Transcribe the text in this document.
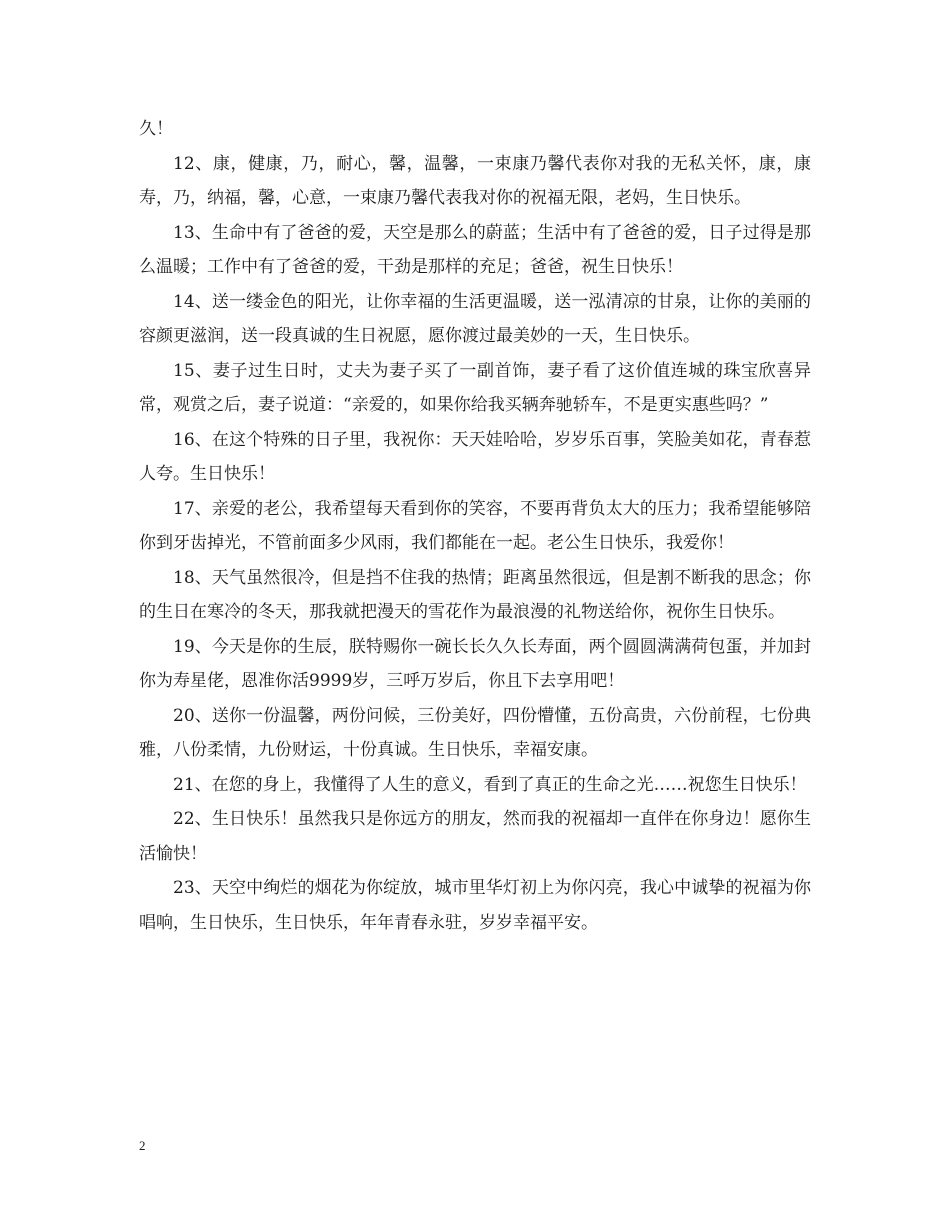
久！

12、康，健康，乃，耐心，馨，温馨，一束康乃馨代表你对我的无私关怀，康，康寿，乃，纳福，馨，心意，一束康乃馨代表我对你的祝福无限，老妈，生日快乐。

13、生命中有了爸爸的爱，天空是那么的蔚蓝；生活中有了爸爸的爱，日子过得是那么温暖；工作中有了爸爸的爱，干劲是那样的充足；爸爸，祝生日快乐！

14、送一缕金色的阳光，让你幸福的生活更温暖，送一泓清凉的甘泉，让你的美丽的容颜更滋润，送一段真诚的生日祝愿，愿你渡过最美妙的一天，生日快乐。

15、妻子过生日时，丈夫为妻子买了一副首饰，妻子看了这价值连城的珠宝欣喜异常，观赏之后，妻子说道：“亲爱的，如果你给我买辆奔驰轿车，不是更实惠些吗？”

16、在这个特殊的日子里，我祝你：天天娃哈哈，岁岁乐百事，笑脸美如花，青春惹人夸。生日快乐！

17、亲爱的老公，我希望每天看到你的笑容，不要再背负太大的压力；我希望能够陪你到牙齿掉光，不管前面多少风雨，我们都能在一起。老公生日快乐，我爱你！

18、天气虽然很冷，但是挡不住我的热情；距离虽然很远，但是割不断我的思念；你的生日在寒冷的冬天，那我就把漫天的雪花作为最浪漫的礼物送给你，祝你生日快乐。

19、今天是你的生辰，朕特赐你一碗长长久久长寿面，两个圆圆满满荷包蛋，并加封你为寿星佬，恩准你活9999岁，三呼万岁后，你且下去享用吧！

20、送你一份温馨，两份问候，三份美好，四份懵懂，五份高贵，六份前程，七份典雅，八份柔情，九份财运，十份真诚。生日快乐，幸福安康。

21、在您的身上，我懂得了人生的意义，看到了真正的生命之光……祝您生日快乐！

22、生日快乐！虽然我只是你远方的朋友，然而我的祝福却一直伴在你身边！愿你生活愉快！

23、天空中绚烂的烟花为你绽放，城市里华灯初上为你闪亮，我心中诚挚的祝福为你唱响，生日快乐，生日快乐，年年青春永驻，岁岁幸福平安。

2
